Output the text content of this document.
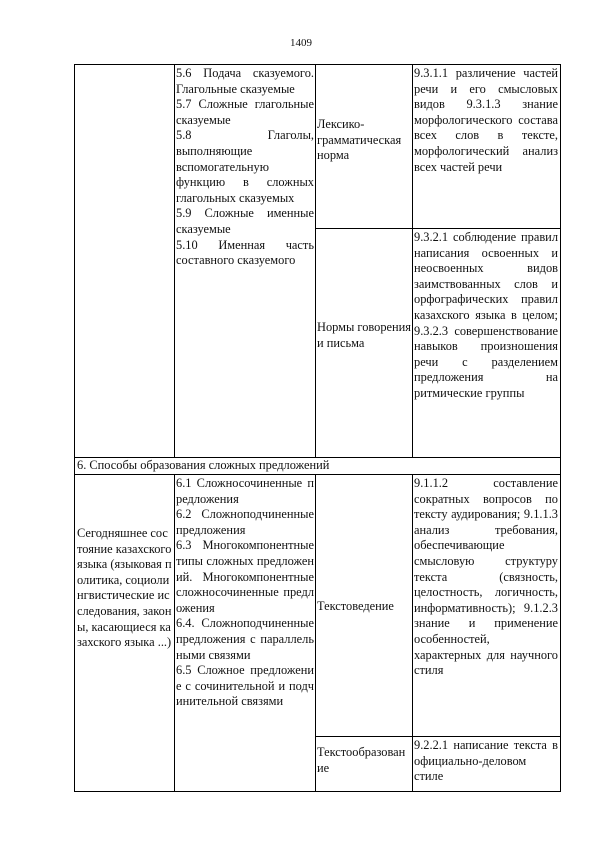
1409
5.6 Подача сказуемого. Глагольные сказуемые
5.7 Сложные глагольные сказуемые
5.8 Глаголы, выполняющие вспомогательную функцию в сложных глагольных сказуемых
5.9 Сложные именные сказуемые
5.10 Именная часть составного сказуемого
Лексико-грамматическая норма
9.3.1.1 различение частей речи и его смысловых видов 9.3.1.3 знание морфологического состава всех слов в тексте, морфологический анализ всех частей речи
Нормы говорения и письма
9.3.2.1 соблюдение правил написания освоенных и неосвоенных видов заимствованных слов и орфографических правил казахского языка в целом; 9.3.2.3 совершенствование навыков произношения речи с разделением предложения на ритмические группы
6. Способы образования сложных предложений
Сегодняшнее состояние казахского языка (языковая политика, социолингвистические исследования, законы, касающиеся казахского языка ...)
6.1 Сложносочиненные предложения
6.2 Сложноподчиненные предложения
6.3 Многокомпонентные типы сложных предложений. Многокомпонентные сложносочиненные предложения
6.4. Сложноподчиненные предложения с параллельными связями
6.5 Сложное предложение с сочинительной и подчинительной связями
Текстоведение
9.1.1.2 составление сократных вопросов по тексту аудирования; 9.1.1.3 анализ требования, обеспечивающие смысловую структуру текста (связность, целостность, логичность, информативность); 9.1.2.3 знание и применение особенностей, характерных для научного стиля
Текстообразование
9.2.2.1 написание текста в официально-деловом стиле
